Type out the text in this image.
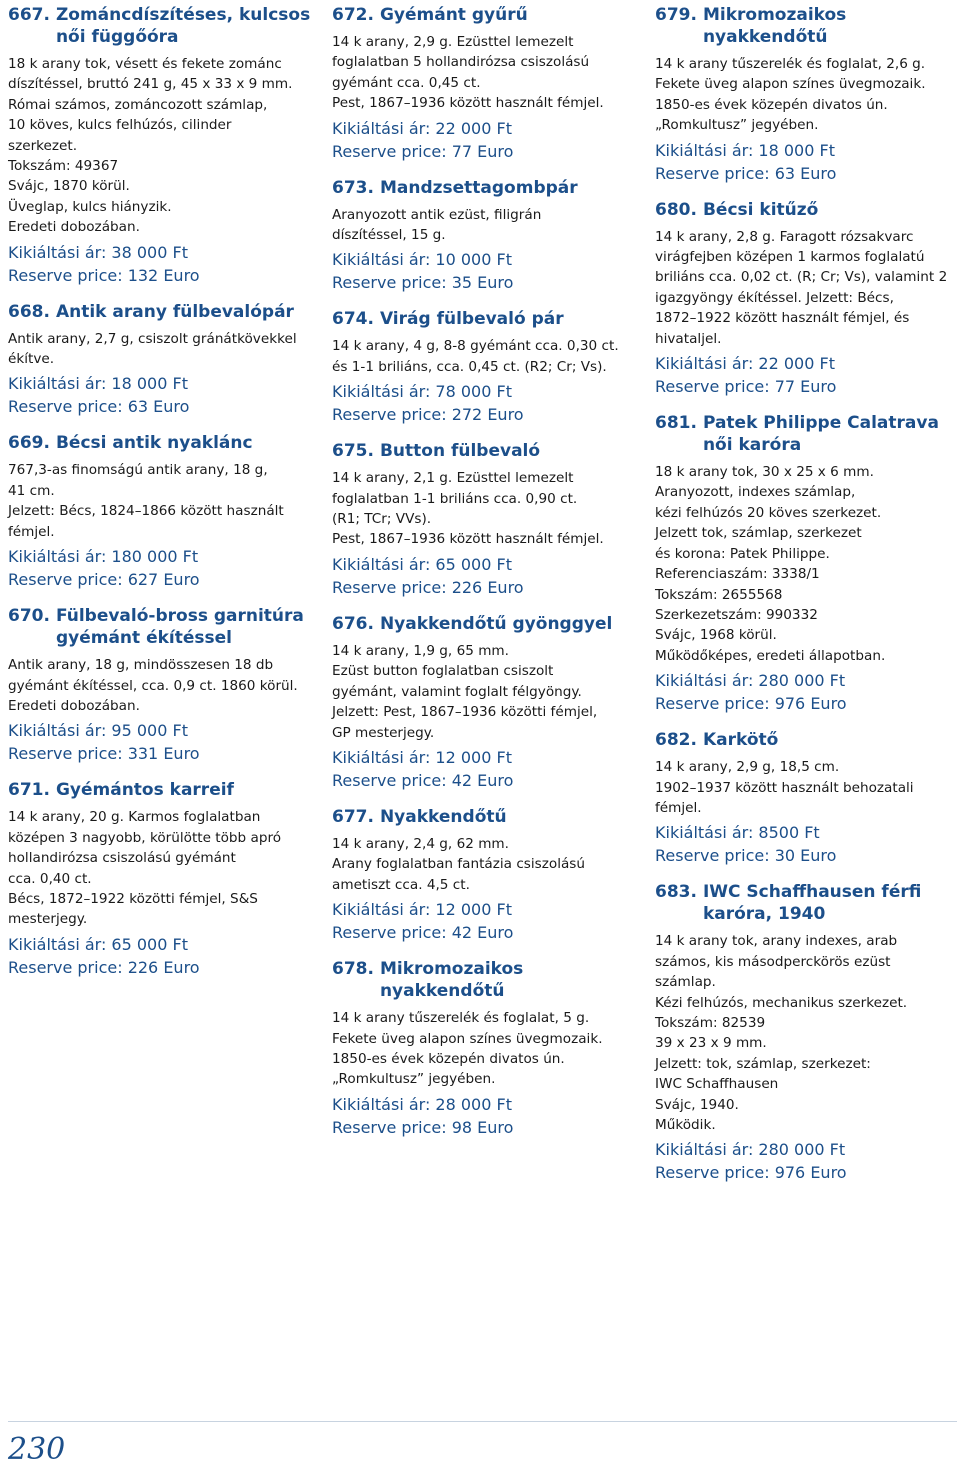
667. Zománcdíszítéses, kulcsos
női függőóra
18 k arany tok, vésett és fekete zománc
díszítéssel, bruttó 241 g, 45 x 33 x 9 mm.
Római számos, zománcozott számlap,
10 köves, kulcs felhúzós, cilinder
szerkezet.
Tokszám: 49367
Svájc, 1870 körül.
Üveglap, kulcs hiányzik.
Eredeti dobozában.
Kikiáltási ár: 38 000 Ft
Reserve price: 132 Euro
668. Antik arany fülbevalópár
Antik arany, 2,7 g, csiszolt gránátkövekkel
ékítve.
Kikiáltási ár: 18 000 Ft
Reserve price: 63 Euro
669. Bécsi antik nyaklánc
767,3-as finomságú antik arany, 18 g,
41 cm.
Jelzett: Bécs, 1824–1866 között használt
fémjel.
Kikiáltási ár: 180 000 Ft
Reserve price: 627 Euro
670. Fülbevaló-bross garnitúra
gyémánt ékítéssel
Antik arany, 18 g, mindösszesen 18 db
gyémánt ékítéssel, cca. 0,9 ct. 1860 körül.
Eredeti dobozában.
Kikiáltási ár: 95 000 Ft
Reserve price: 331 Euro
671. Gyémántos karreif
14 k arany, 20 g. Karmos foglalatban
középen 3 nagyobb, körülötte több apró
hollandirózsa csiszolású gyémánt
cca. 0,40 ct.
Bécs, 1872–1922 közötti fémjel, S&S
mesterjegy.
Kikiáltási ár: 65 000 Ft
Reserve price: 226 Euro
672. Gyémánt gyűrű
14 k arany, 2,9 g. Ezüsttel lemezelt
foglalatban 5 hollandirózsa csiszolású
gyémánt cca. 0,45 ct.
Pest, 1867–1936 között használt fémjel.
Kikiáltási ár: 22 000 Ft
Reserve price: 77 Euro
673. Mandzsettagombpár
Aranyozott antik ezüst, filigrán
díszítéssel, 15 g.
Kikiáltási ár: 10 000 Ft
Reserve price: 35 Euro
674. Virág fülbevaló pár
14 k arany, 4 g, 8-8 gyémánt cca. 0,30 ct.
és 1-1 briliáns, cca. 0,45 ct. (R2; Cr; Vs).
Kikiáltási ár: 78 000 Ft
Reserve price: 272 Euro
675. Button fülbevaló
14 k arany, 2,1 g. Ezüsttel lemezelt
foglalatban 1-1 briliáns cca. 0,90 ct.
(R1; TCr; VVs).
Pest, 1867–1936 között használt fémjel.
Kikiáltási ár: 65 000 Ft
Reserve price: 226 Euro
676. Nyakkendőtű gyönggyel
14 k arany, 1,9 g, 65 mm.
Ezüst button foglalatban csiszolt
gyémánt, valamint foglalt félgyöngy.
Jelzett: Pest, 1867–1936 közötti fémjel,
GP mesterjegy.
Kikiáltási ár: 12 000 Ft
Reserve price: 42 Euro
677. Nyakkendőtű
14 k arany, 2,4 g, 62 mm.
Arany foglalatban fantázia csiszolású
ametiszt cca. 4,5 ct.
Kikiáltási ár: 12 000 Ft
Reserve price: 42 Euro
678. Mikromozaikos nyakkendőtű
14 k arany tűszerelék és foglalat, 5 g.
Fekete üveg alapon színes üvegmozaik.
1850-es évek közepén divatos ún.
„Romkultusz” jegyében.
Kikiáltási ár: 28 000 Ft
Reserve price: 98 Euro
679. Mikromozaikos nyakkendőtű
14 k arany tűszerelék és foglalat, 2,6 g.
Fekete üveg alapon színes üvegmozaik.
1850-es évek közepén divatos ún.
„Romkultusz” jegyében.
Kikiáltási ár: 18 000 Ft
Reserve price: 63 Euro
680. Bécsi kitűző
14 k arany, 2,8 g. Faragott rózsakvarc
virágfejben középen 1 karmos foglalatú
briliáns cca. 0,02 ct. (R; Cr; Vs), valamint 2
igazgyöngy ékítéssel. Jelzett: Bécs,
1872–1922 között használt fémjel, és
hivataljel.
Kikiáltási ár: 22 000 Ft
Reserve price: 77 Euro
681. Patek Philippe Calatrava
női karóra
18 k arany tok, 30 x 25 x 6 mm.
Aranyozott, indexes számlap,
kézi felhúzós 20 köves szerkezet.
Jelzett tok, számlap, szerkezet
és korona: Patek Philippe.
Referenciaszám: 3338/1
Tokszám: 2655568
Szerkezetszám: 990332
Svájc, 1968 körül.
Működőképes, eredeti állapotban.
Kikiáltási ár: 280 000 Ft
Reserve price: 976 Euro
682. Karkötő
14 k arany, 2,9 g, 18,5 cm.
1902–1937 között használt behozatali
fémjel.
Kikiáltási ár: 8500 Ft
Reserve price: 30 Euro
683. IWC Schaffhausen férfi
karóra, 1940
14 k arany tok, arany indexes, arab
számos, kis másodperckörös ezüst
számlap.
Kézi felhúzós, mechanikus szerkezet.
Tokszám: 82539
39 x 23 x 9 mm.
Jelzett: tok, számlap, szerkezet:
IWC Schaffhausen
Svájc, 1940.
Működik.
Kikiáltási ár: 280 000 Ft
Reserve price: 976 Euro
230
